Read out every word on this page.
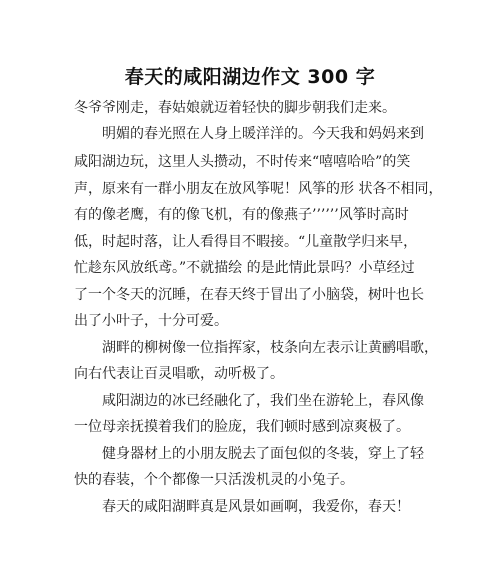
春天的咸阳湖边作文 300 字
冬爷爷刚走，春姑娘就迈着轻快的脚步朝我们走来。
明媚的春光照在人身上暖洋洋的。今天我和妈妈来到
咸阳湖边玩，这里人头攒动，不时传来“嘻嘻哈哈”的笑
声，原来有一群小朋友在放风筝呢！风筝的形 状各不相同，
有的像老鹰，有的像飞机，有的像燕子’’’’’’风筝时高时
低，时起时落，让人看得目不暇接。“儿童散学归来早，
忙趁东风放纸鸢。”不就描绘 的是此情此景吗？小草经过
了一个冬天的沉睡，在春天终于冒出了小脑袋，树叶也长
出了小叶子，十分可爱。
湖畔的柳树像一位指挥家，枝条向左表示让黄鹂唱歌，
向右代表让百灵唱歌，动听极了。
咸阳湖边的冰已经融化了，我们坐在游轮上，春风像
一位母亲抚摸着我们的脸庞，我们顿时感到凉爽极了。
健身器材上的小朋友脱去了面包似的冬装，穿上了轻
快的春装，个个都像一只活泼机灵的小兔子。
春天的咸阳湖畔真是风景如画啊，我爱你，春天！
